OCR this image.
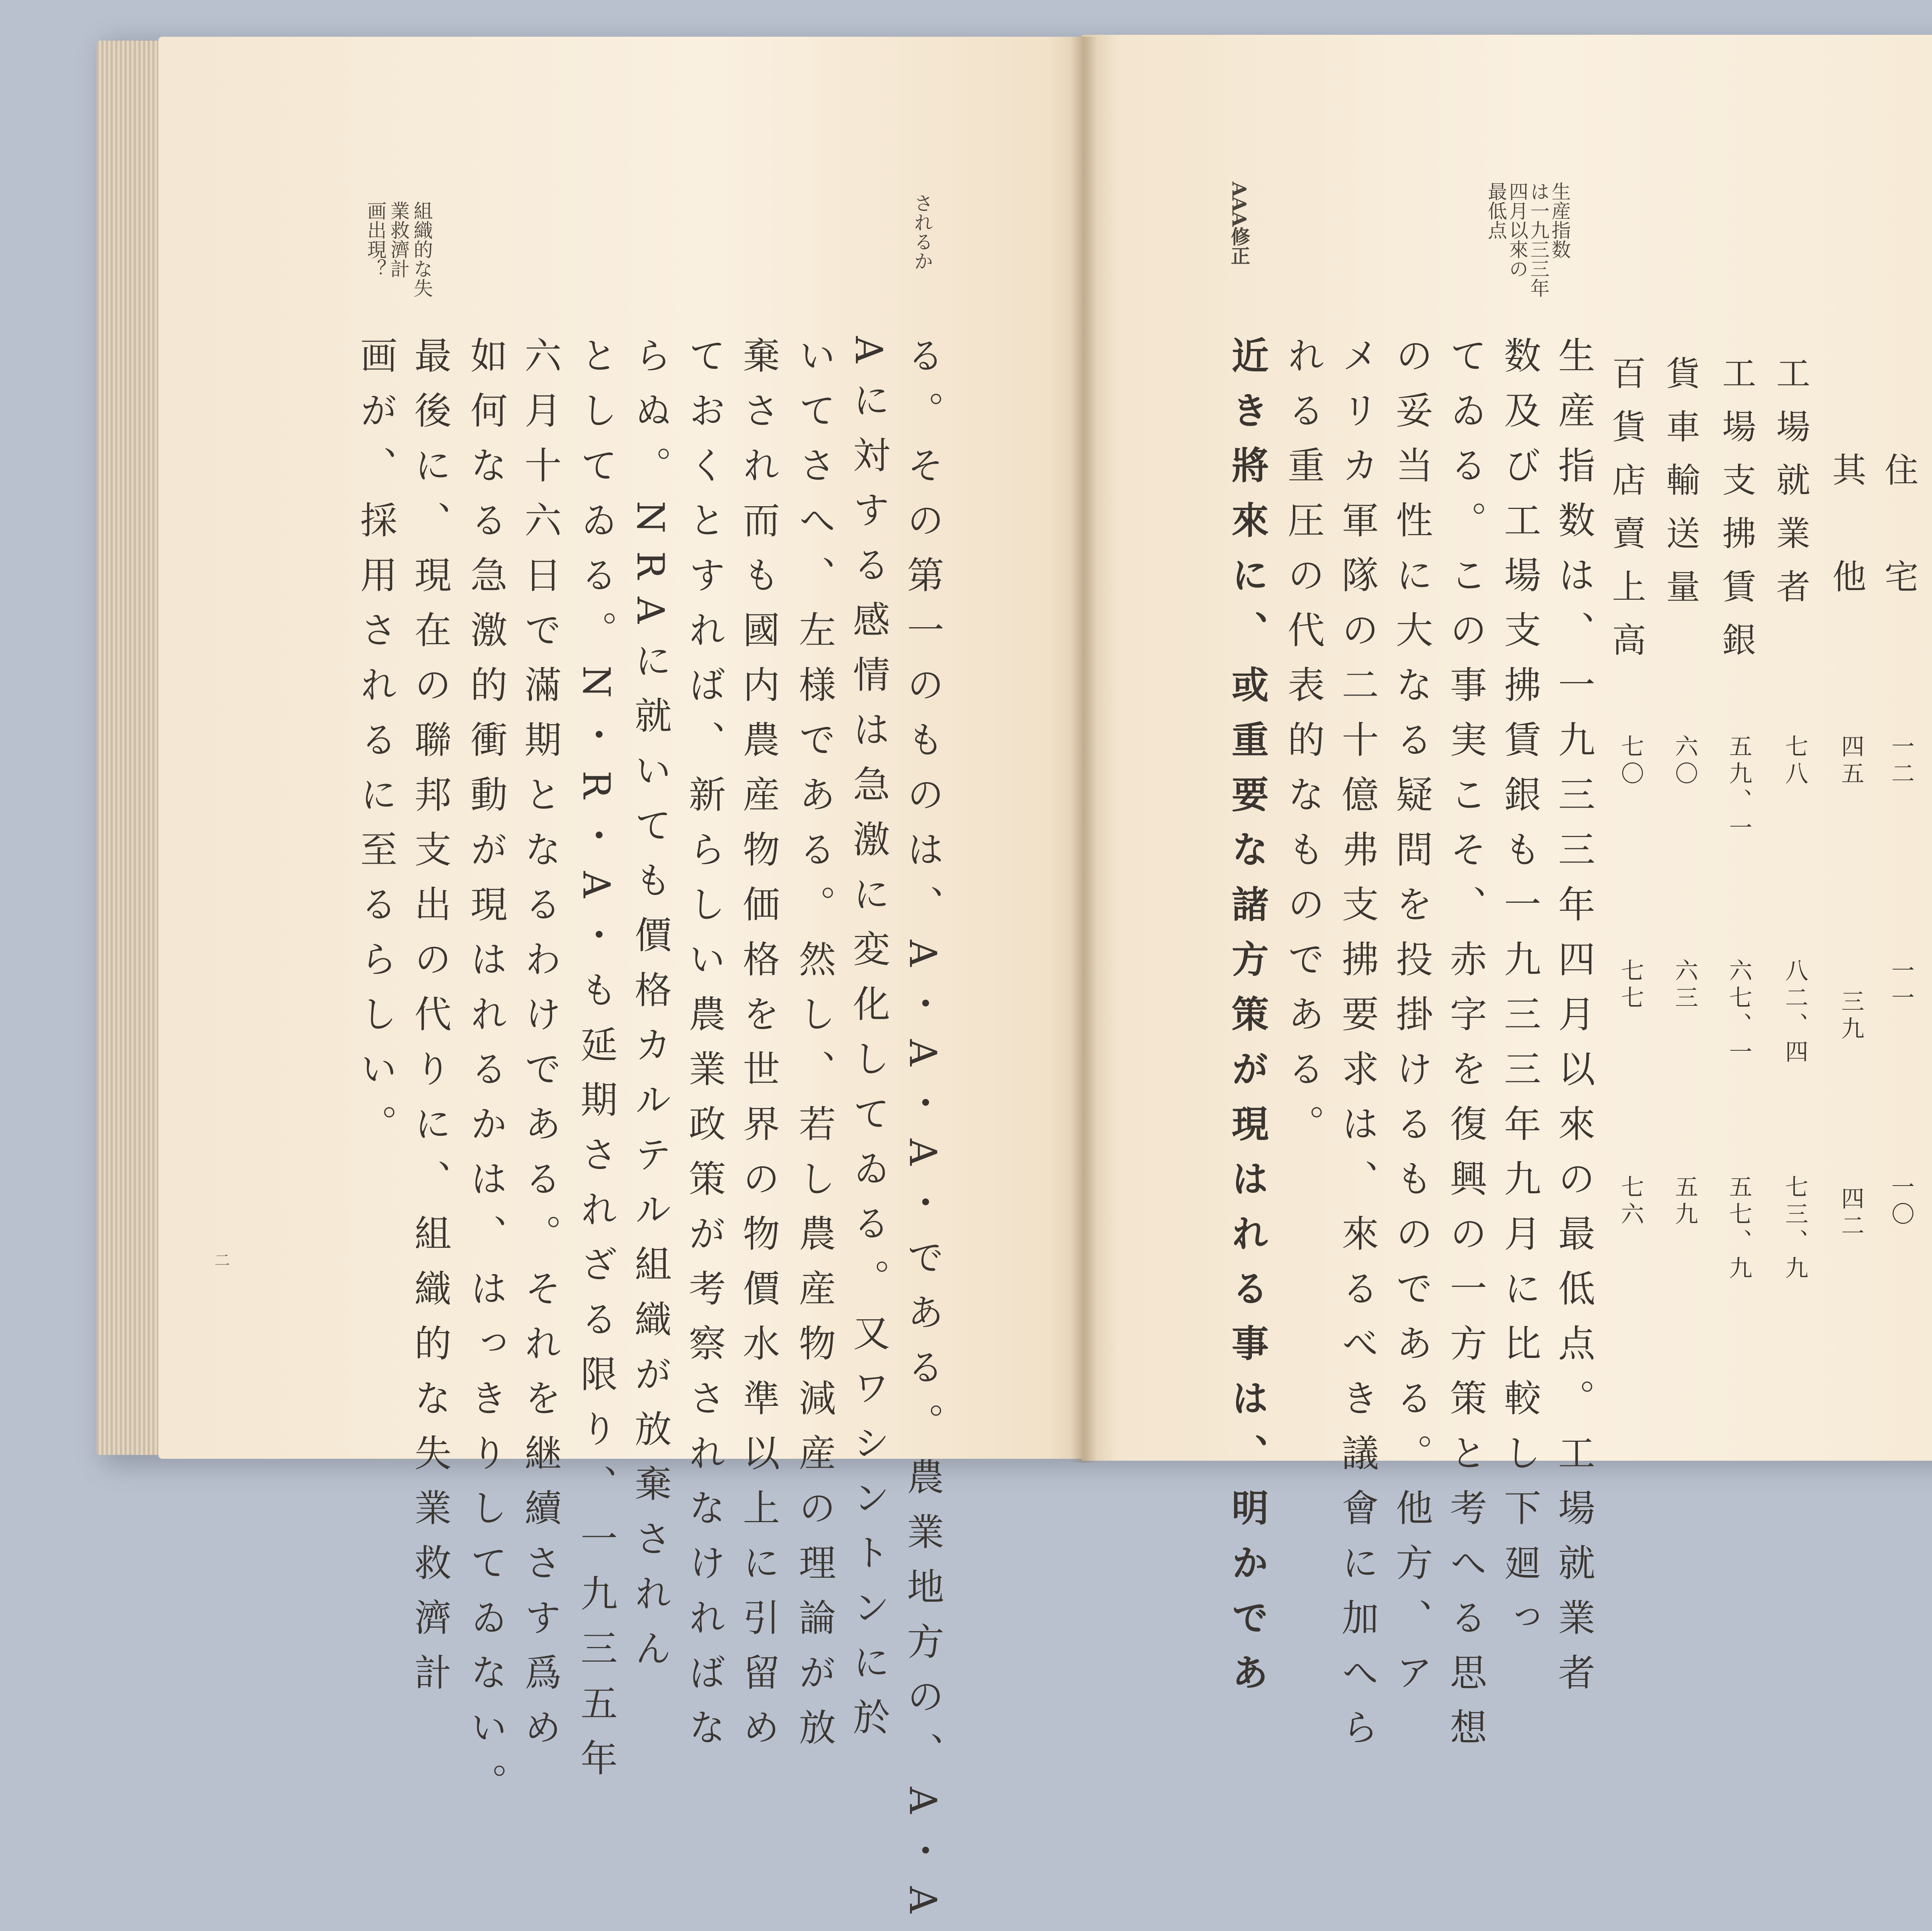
されるか
組織的な失
業救濟計
画出現？
る。その第一のものは、A・A・A・である。農業地方の、A・A
Aに対する感情は急激に変化してゐる。又ワシントンに於
いてさへ、左様である。然し、若し農産物減産の理論が放
棄され而も國内農産物価格を世界の物價水準以上に引留め
ておくとすれば、新らしい農業政策が考察されなければな
らぬ。NRAに就いても價格カルテル組織が放棄されん
としてゐる。N・R・A・も延期されざる限り、一九三五年
六月十六日で滿期となるわけである。それを継續さす爲め
如何なる急激的衝動が現はれるかは、はっきりしてゐない。
最後に、現在の聯邦支出の代りに、組織的な失業救濟計
画が、採用されるに至るらしい。
二
生産指数
は一九三三年
四月以來の
最低点
AAA修正
住　宅
一二
一一
一〇
其　他
四五
三九
四二
工場就業者
七八
八二、四
七三、九
工場支拂賃銀
五九、一
六七、一
五七、九
貨車輸送量
六〇
六三
五九
百貨店賣上高
七〇
七七
七六
生産指数は、一九三三年四月以來の最低点。工場就業者
数及び工場支拂賃銀も一九三三年九月に比較し下廻っ
てゐる。この事実こそ、赤字を復興の一方策と考へる思想
の妥当性に大なる疑問を投掛けるものである。他方、ア
メリカ軍隊の二十億弗支拂要求は、來るべき議會に加へら
れる重圧の代表的なものである。
近き將來に、或重要な諸方策が現はれる事は、明かであ
